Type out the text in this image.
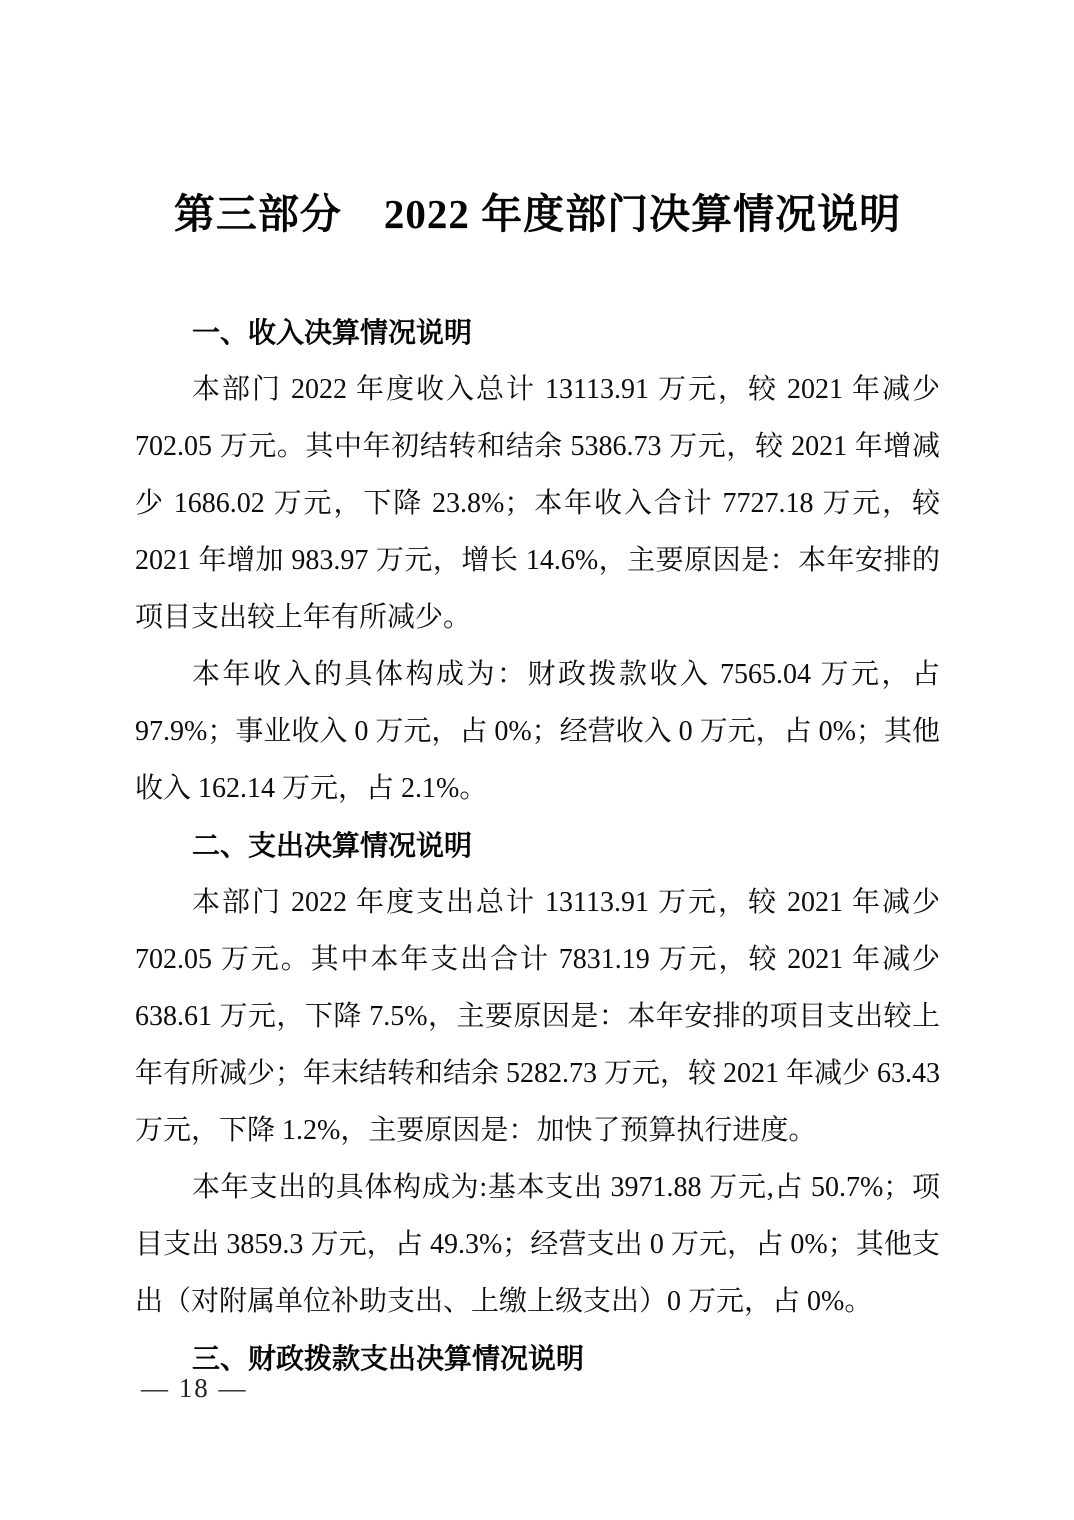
第三部分　2022 年度部门决算情况说明
一、收入决算情况说明

本部门 2022 年度收入总计 13113.91 万元，较 2021 年减少 702.05 万元。其中年初结转和结余 5386.73 万元，较 2021 年增减少 1686.02 万元，下降 23.8%；本年收入合计 7727.18 万元，较 2021 年增加 983.97 万元，增长 14.6%，主要原因是：本年安排的项目支出较上年有所减少。

本年收入的具体构成为：财政拨款收入 7565.04 万元，占 97.9%；事业收入 0 万元，占 0%；经营收入 0 万元，占 0%；其他收入 162.14 万元，占 2.1%。

二、支出决算情况说明

本部门 2022 年度支出总计 13113.91 万元，较 2021 年减少 702.05 万元。其中本年支出合计 7831.19 万元，较 2021 年减少 638.61 万元，下降 7.5%，主要原因是：本年安排的项目支出较上年有所减少；年末结转和结余 5282.73 万元，较 2021 年减少 63.43 万元，下降 1.2%，主要原因是：加快了预算执行进度。

本年支出的具体构成为:基本支出 3971.88 万元,占 50.7%；项目支出 3859.3 万元，占 49.3%；经营支出 0 万元，占 0%；其他支出（对附属单位补助支出、上缴上级支出）0 万元，占 0%。

三、财政拨款支出决算情况说明
— 18 —
